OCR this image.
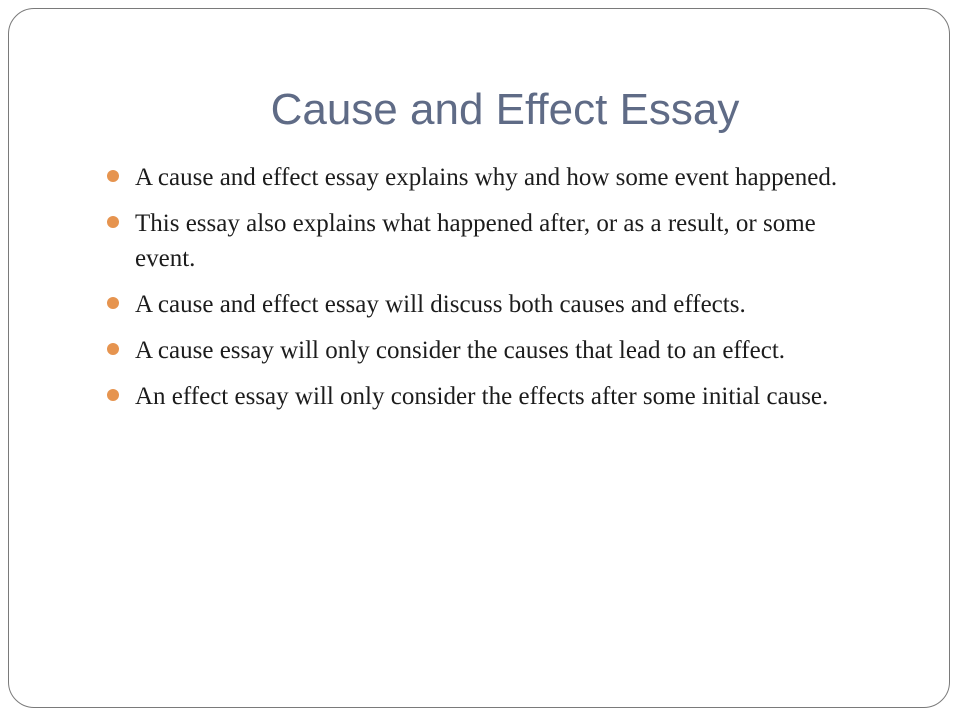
Cause and Effect Essay
A cause and effect essay explains why and how some event happened.
This essay also explains what happened after, or as a result, or some event.
A cause and effect essay will discuss both causes and effects.
A cause essay will only consider the causes that lead to an effect.
An effect essay will only consider the effects after some initial cause.
